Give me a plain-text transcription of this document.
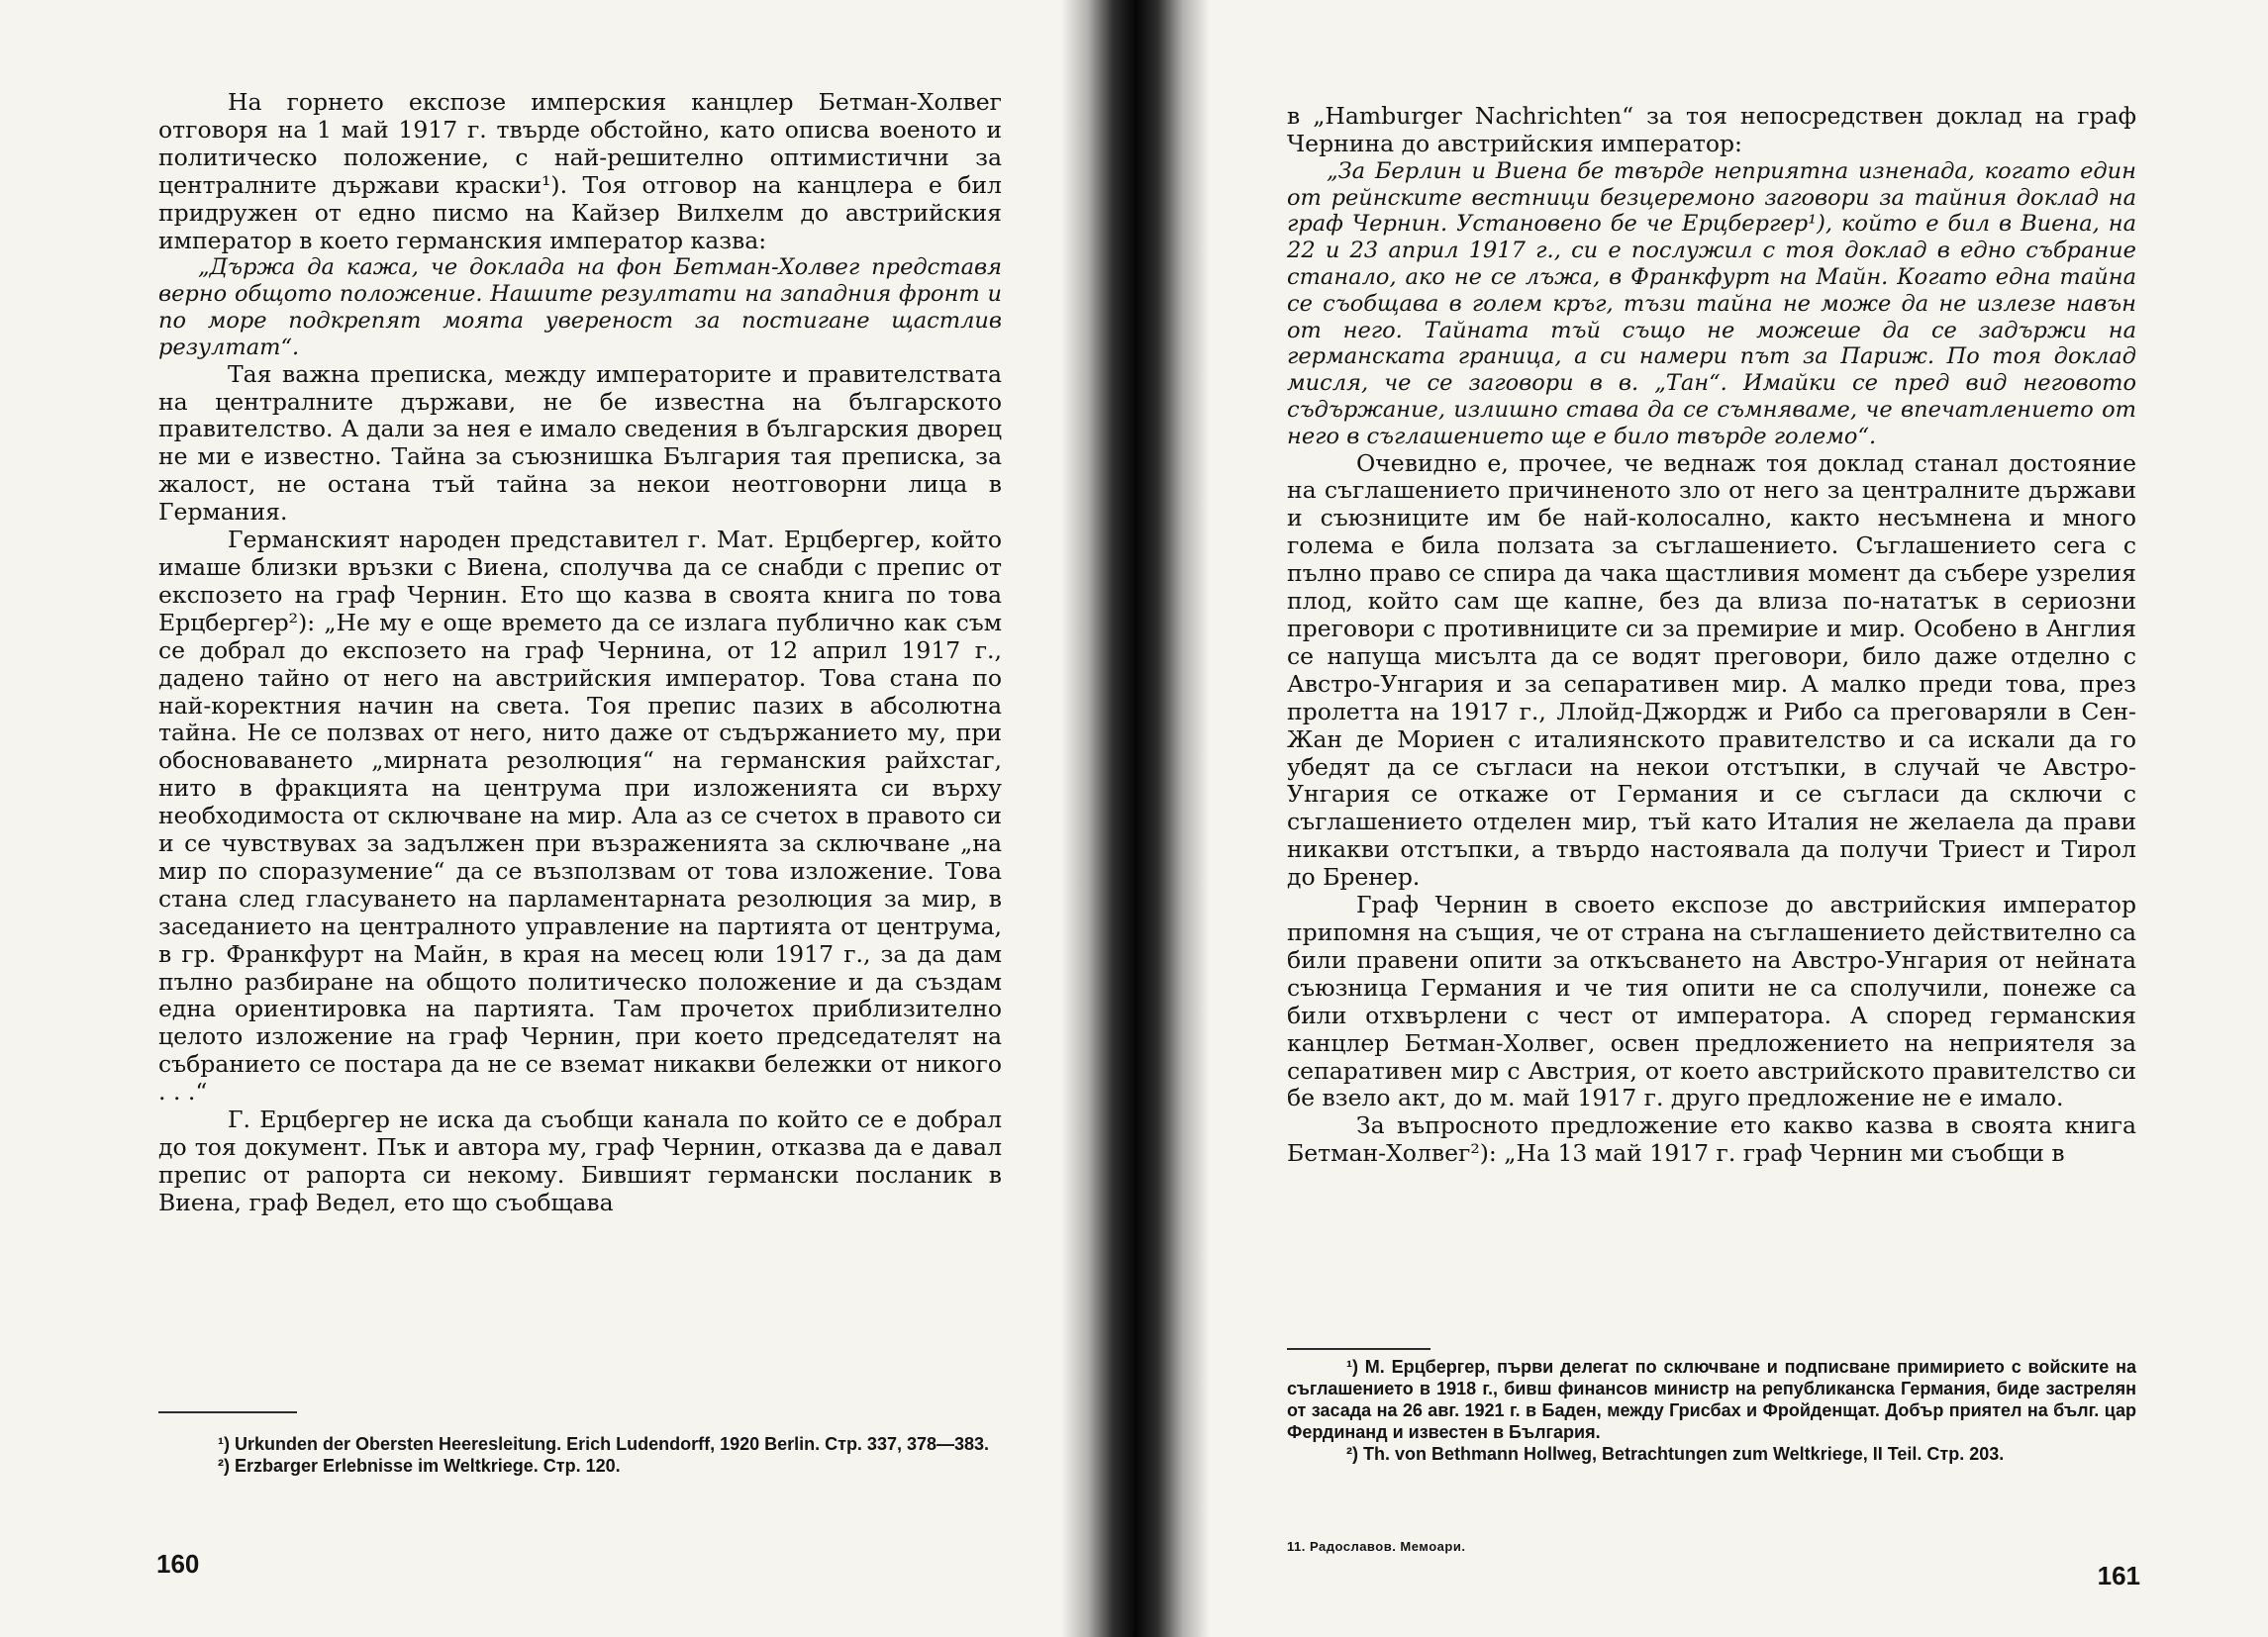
На горнето експозе имперския канцлер Бетман-Холвег отговоря на 1 май 1917 г. твърде обстойно, като описва военото и политическо положение, с най-решително оптимистични за централните държави краски¹). Тоя отговор на канцлера е бил придружен от едно писмо на Кайзер Вилхелм до австрийския император в което германския император казва:

„Държа да кажа, че доклада на фон Бетман-Холвег представя верно общото положение. Нашите резултати на западния фронт и по море подкрепят моята увереност за постигане щастлив резултат“.

Тая важна преписка, между императорите и правителствата на централните държави, не бе известна на българското правителство. А дали за нея е имало сведения в българския дворец не ми е известно. Тайна за съюзнишка България тая преписка, за жалост, не остана тъй тайна за некои неотговорни лица в Германия.

Германският народен представител г. Мат. Ерцбергер, който имаше близки връзки с Виена, сполучва да се снабди с препис от експозето на граф Чернин. Ето що казва в своята книга по това Ерцбергер²): „Не му е още времето да се излага публично как съм се добрал до експозето на граф Чернина, от 12 април 1917 г., дадено тайно от него на австрийския император. Това стана по най-коректния начин на света. Тоя препис пазих в абсолютна тайна. Не се ползвах от него, нито даже от съдържанието му, при обосноваването „мирната резолюция“ на германския райхстаг, нито в фракцията на центрума при изложенията си върху необходимоста от сключване на мир. Ала аз се счетох в правото си и се чувствувах за задължен при възраженията за сключване „на мир по споразумение“ да се възползвам от това изложение. Това стана след гласуването на парламентарната резолюция за мир, в заседанието на централното управление на партията от центрума, в гр. Франкфурт на Майн, в края на месец юли 1917 г., за да дам пълно разбиране на общото политическо положение и да създам една ориентировка на партията. Там прочетох приблизително целото изложение на граф Чернин, при което председателят на събранието се постара да не се вземат никакви бележки от никого . . .“

Г. Ерцбергер не иска да съобщи канала по който се е добрал до тоя документ. Пък и автора му, граф Чернин, отказва да е давал препис от рапорта си некому. Бившият германски посланик в Виена, граф Ведел, ето що съобщава

¹) Urkunden der Obersten Heeresleitung. Erich Ludendorff, 1920 Berlin. Стр. 337, 378—383.

²) Erzbarger Erlebnisse im Weltkriege. Стр. 120.

160

в „Hamburger Nachrichten“ за тоя непосредствен доклад на граф Чернина до австрийския император:

„За Берлин и Виена бе твърде неприятна изненада, когато един от рейнските вестници безцеремоно заговори за тайния доклад на граф Чернин. Установено бе че Ерцбергер¹), който е бил в Виена, на 22 и 23 април 1917 г., си е послужил с тоя доклад в едно събрание станало, ако не се лъжа, в Франкфурт на Майн. Когато една тайна се съобщава в голем кръг, тъзи тайна не може да не излезе навън от него. Тайната тъй също не можеше да се задържи на германската граница, а си намери път за Париж. По тоя доклад мисля, че се заговори в в. „Тан“. Имайки се пред вид неговото съдържание, излишно става да се съмняваме, че впечатлението от него в съглашението ще е било твърде големо“.

Очевидно е, прочее, че веднаж тоя доклад станал достояние на съглашението причиненото зло от него за централните държави и съюзниците им бе най-колосално, както несъмнена и много голема е била ползата за съглашението. Съглашението сега с пълно право се спира да чака щастливия момент да събере узрелия плод, който сам ще капне, без да влиза по-нататък в сериозни преговори с противниците си за премирие и мир. Особено в Англия се напуща мисълта да се водят преговори, било даже отделно с Австро-Унгария и за сепаративен мир. А малко преди това, през пролетта на 1917 г., Ллойд-Джордж и Рибо са преговаряли в Сен-Жан де Мориен с италиянското правителство и са искали да го убедят да се съгласи на некои отстъпки, в случай че Австро-Унгария се откаже от Германия и се съгласи да сключи с съглашението отделен мир, тъй като Италия не желаела да прави никакви отстъпки, а твърдо настоявала да получи Триест и Тирол до Бренер.

Граф Чернин в своето експозе до австрийския император припомня на същия, че от страна на съглашението действително са били правени опити за откъсването на Австро-Унгария от нейната съюзница Германия и че тия опити не са сполучили, понеже са били отхвърлени с чест от императора. А според германския канцлер Бетман-Холвег, освен предложението на неприятеля за сепаративен мир с Австрия, от което австрийското правителство си бе взело акт, до м. май 1917 г. друго предложение не е имало.

За въпросното предложение ето какво казва в своята книга Бетман-Холвег²): „На 13 май 1917 г. граф Чернин ми съобщи в

¹) М. Ерцбергер, първи делегат по сключване и подписване примирието с войските на съглашението в 1918 г., бивш финансов министр на републиканска Германия, бидe застрелян от засада на 26 авг. 1921 г. в Баден, между Грисбах и Фройденщат. Добър приятел на бълг. цар Фердинанд и известен в България.

²) Th. von Bethmann Hollweg, Betrachtungen zum Weltkriege, II Teil. Стр. 203.

11. Радославов. Мемоари.
161
